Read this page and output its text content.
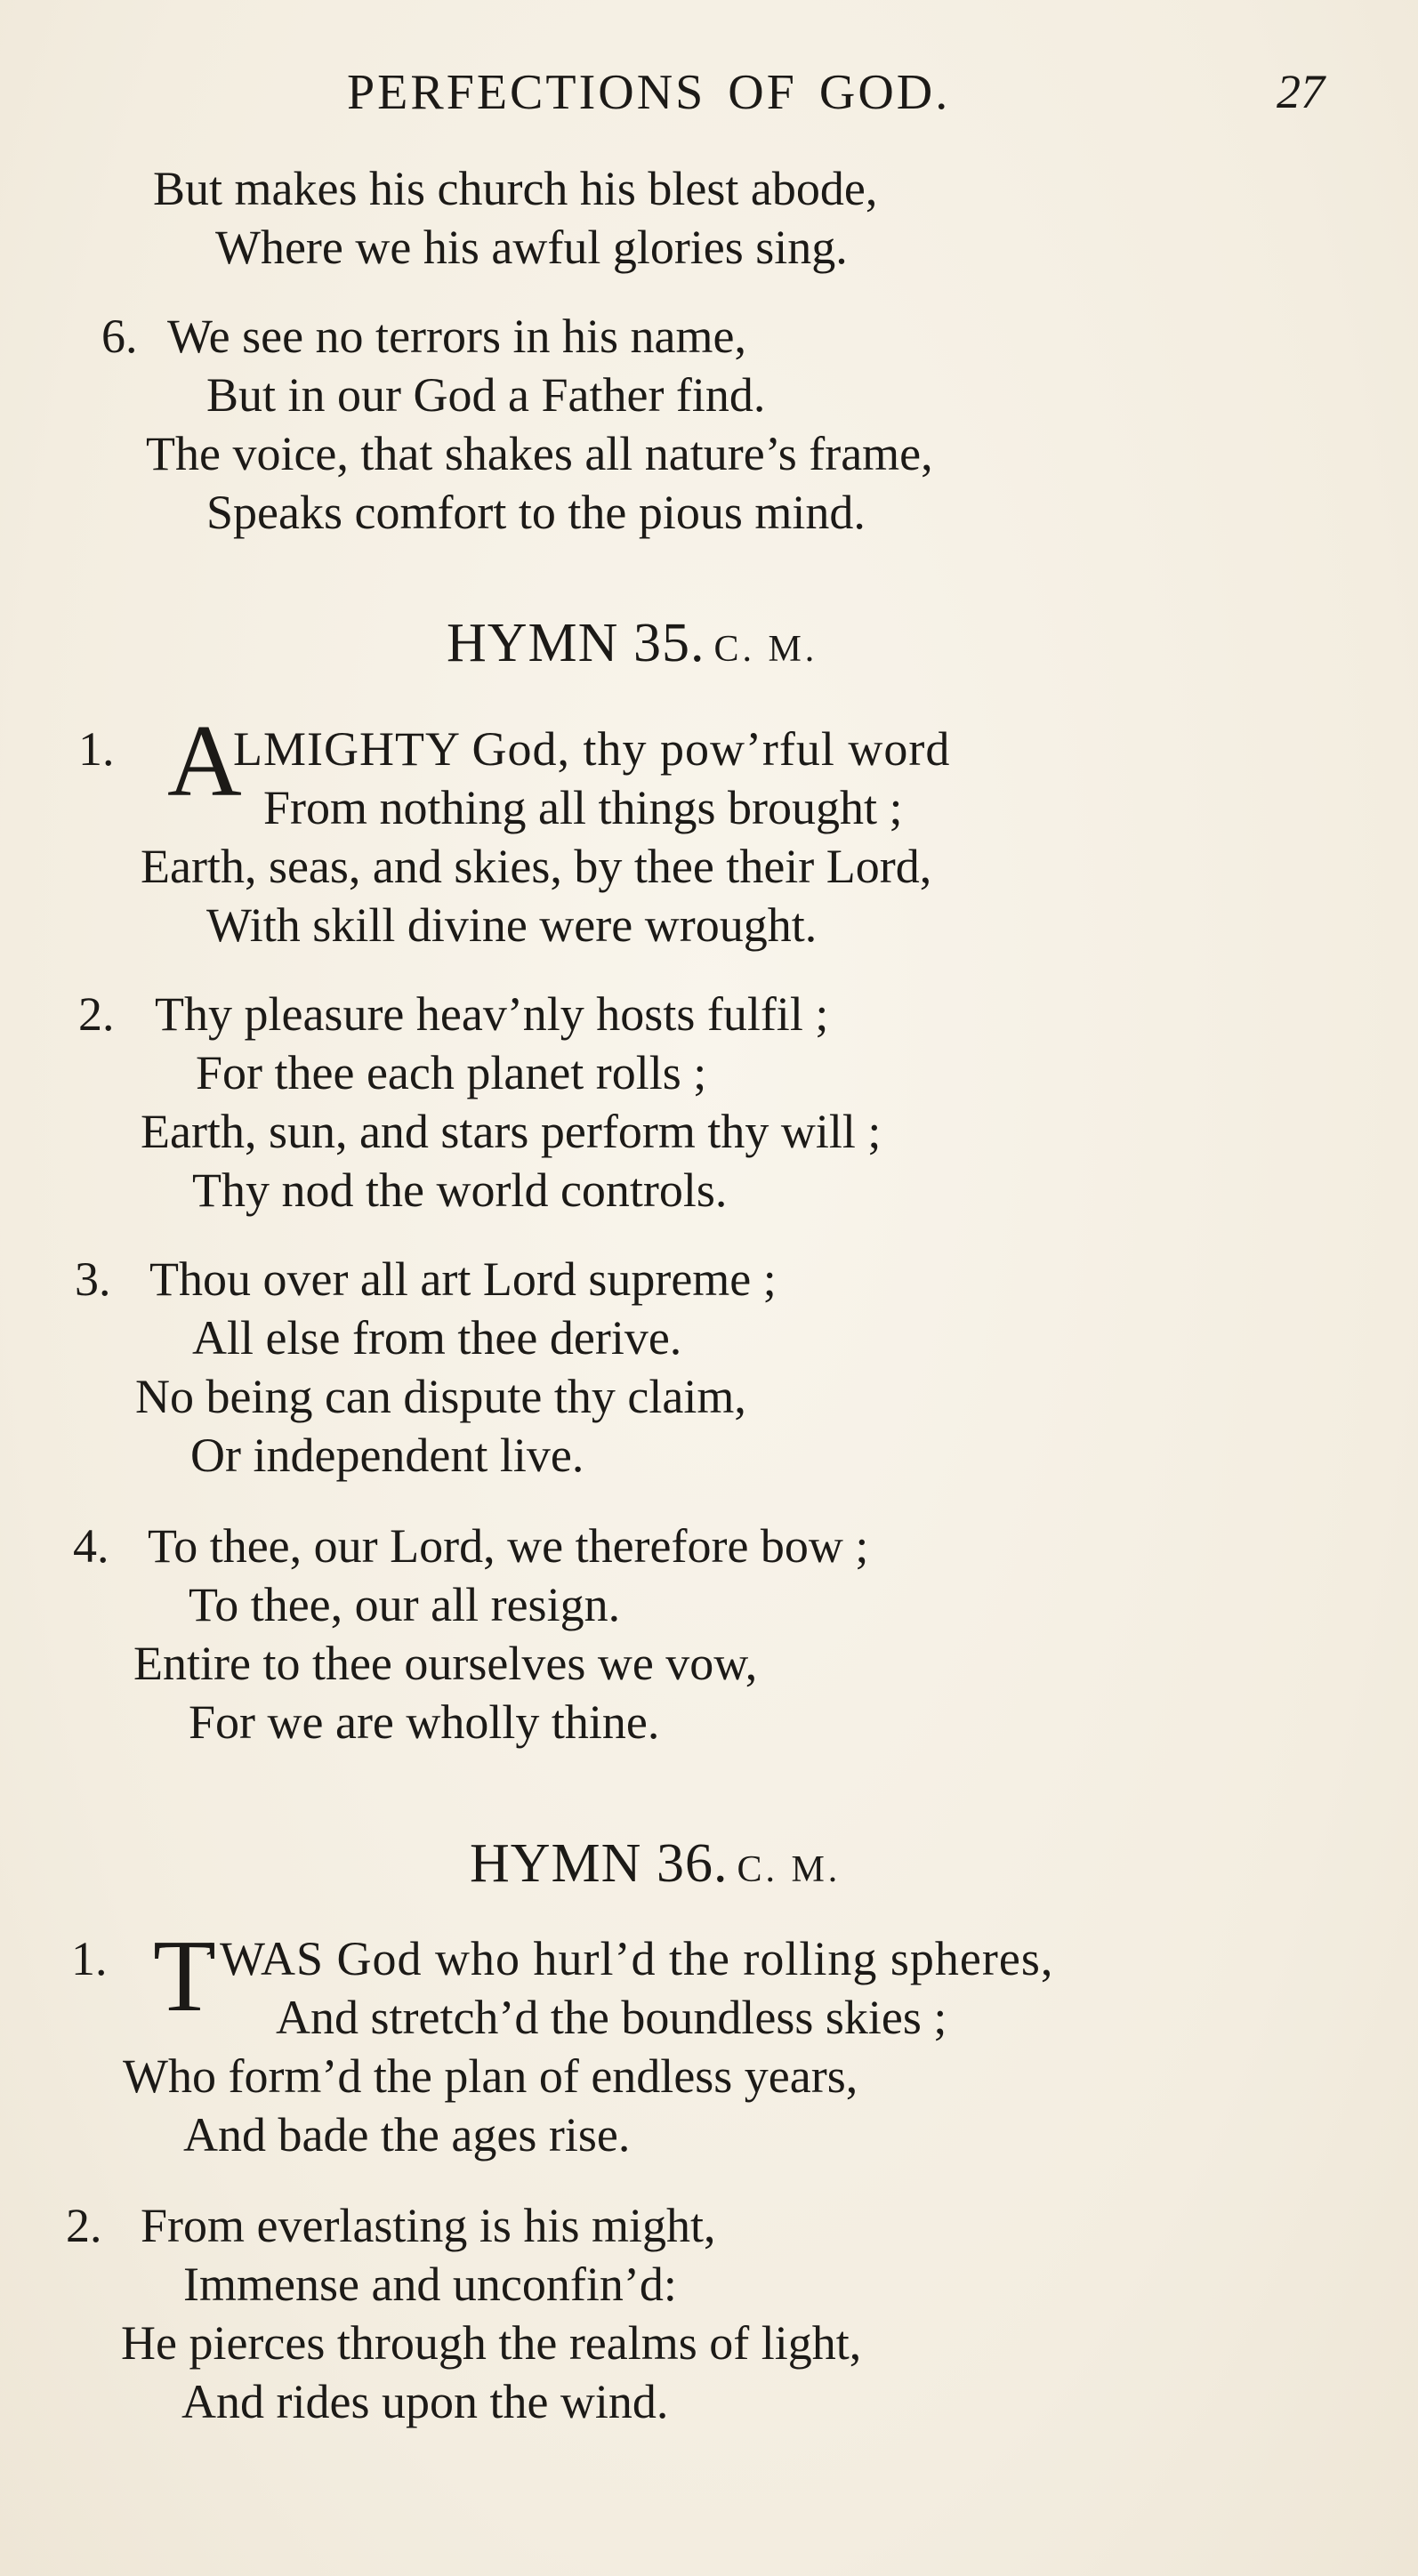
PERFECTIONS OF GOD.	27
But makes his church his blest abode,
Where we his awful glories sing.
6. We see no terrors in his name,
But in our God a Father find.
The voice, that shakes all nature’s frame,
Speaks comfort to the pious mind.
HYMN 35. C. M.
1. A
LMIGHTY God, thy pow’rful word
From nothing all things brought ;
Earth, seas, and skies, by thee their Lord,
With skill divine were wrought.
2. Thy pleasure heav’nly hosts fulfil ;
For thee each planet rolls ;
Earth, sun, and stars perform thy will ;
Thy nod the world controls.
3. Thou over all art Lord supreme ;
All else from thee derive.
No being can dispute thy claim,
Or independent live.
4. To thee, our Lord, we therefore bow ;
To thee, our all resign.
Entire to thee ourselves we vow,
For we are wholly thine.
HYMN 36. C. M.
1. T
’WAS God who hurl’d the rolling spheres,
And stretch’d the boundless skies ;
Who form’d the plan of endless years,
And bade the ages rise.
2. From everlasting is his might,
Immense and unconfin’d:
He pierces through the realms of light,
And rides upon the wind.
